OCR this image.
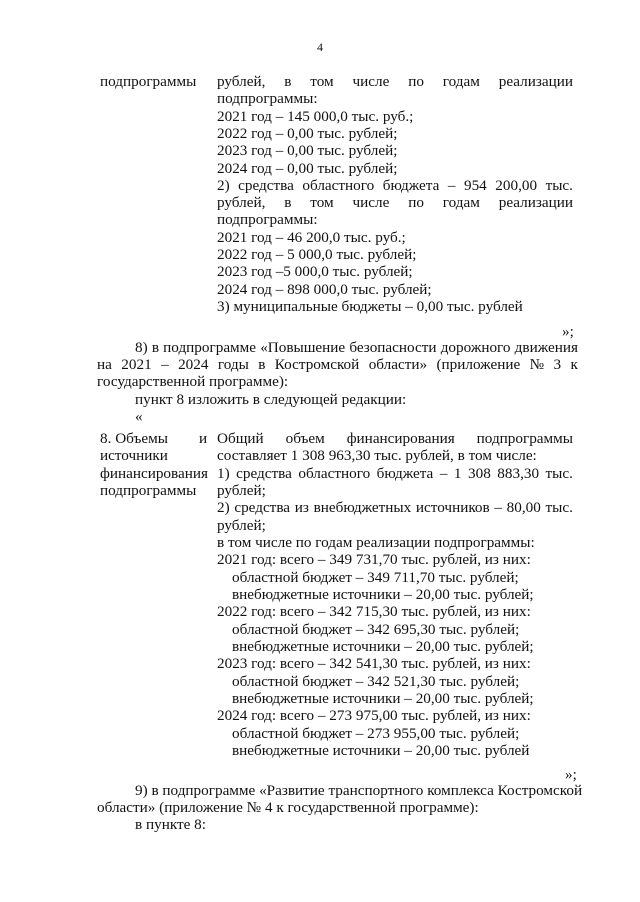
4
подпрограммы рублей, в том числе по годам реализации
подпрограммы:
2021 год – 145 000,0 тыс. руб.;
2022 год – 0,00 тыс. рублей;
2023 год – 0,00 тыс. рублей;
2024 год – 0,00 тыс. рублей;
2) средства областного бюджета – 954 200,00 тыс.
рублей, в том числе по годам реализации
подпрограммы:
2021 год – 46 200,0 тыс. руб.;
2022 год – 5 000,0 тыс. рублей;
2023 год –5 000,0 тыс. рублей;
2024 год – 898 000,0 тыс. рублей;
3) муниципальные бюджеты – 0,00 тыс. рублей
»;
8) в подпрограмме «Повышение безопасности дорожного движения
на 2021 – 2024 годы в Костромской области» (приложение № 3 к
государственной программе):
пункт 8 изложить в следующей редакции:
«
8. Объемы и
источники
финансирования
подпрограммы
Общий объем финансирования подпрограммы
составляет 1 308 963,30 тыс. рублей, в том числе:
1) средства областного бюджета – 1 308 883,30 тыс.
рублей;
2) средства из внебюджетных источников – 80,00 тыс.
рублей;
в том числе по годам реализации подпрограммы:
2021 год: всего – 349 731,70 тыс. рублей, из них:
областной бюджет – 349 711,70 тыс. рублей;
внебюджетные источники – 20,00 тыс. рублей;
2022 год: всего – 342 715,30 тыс. рублей, из них:
областной бюджет – 342 695,30 тыс. рублей;
внебюджетные источники – 20,00 тыс. рублей;
2023 год: всего – 342 541,30 тыс. рублей, из них:
областной бюджет – 342 521,30 тыс. рублей;
внебюджетные источники – 20,00 тыс. рублей;
2024 год: всего – 273 975,00 тыс. рублей, из них:
областной бюджет – 273 955,00 тыс. рублей;
внебюджетные источники – 20,00 тыс. рублей
»;
9) в подпрограмме «Развитие транспортного комплекса Костромской
области» (приложение № 4 к государственной программе):
в пункте 8:
